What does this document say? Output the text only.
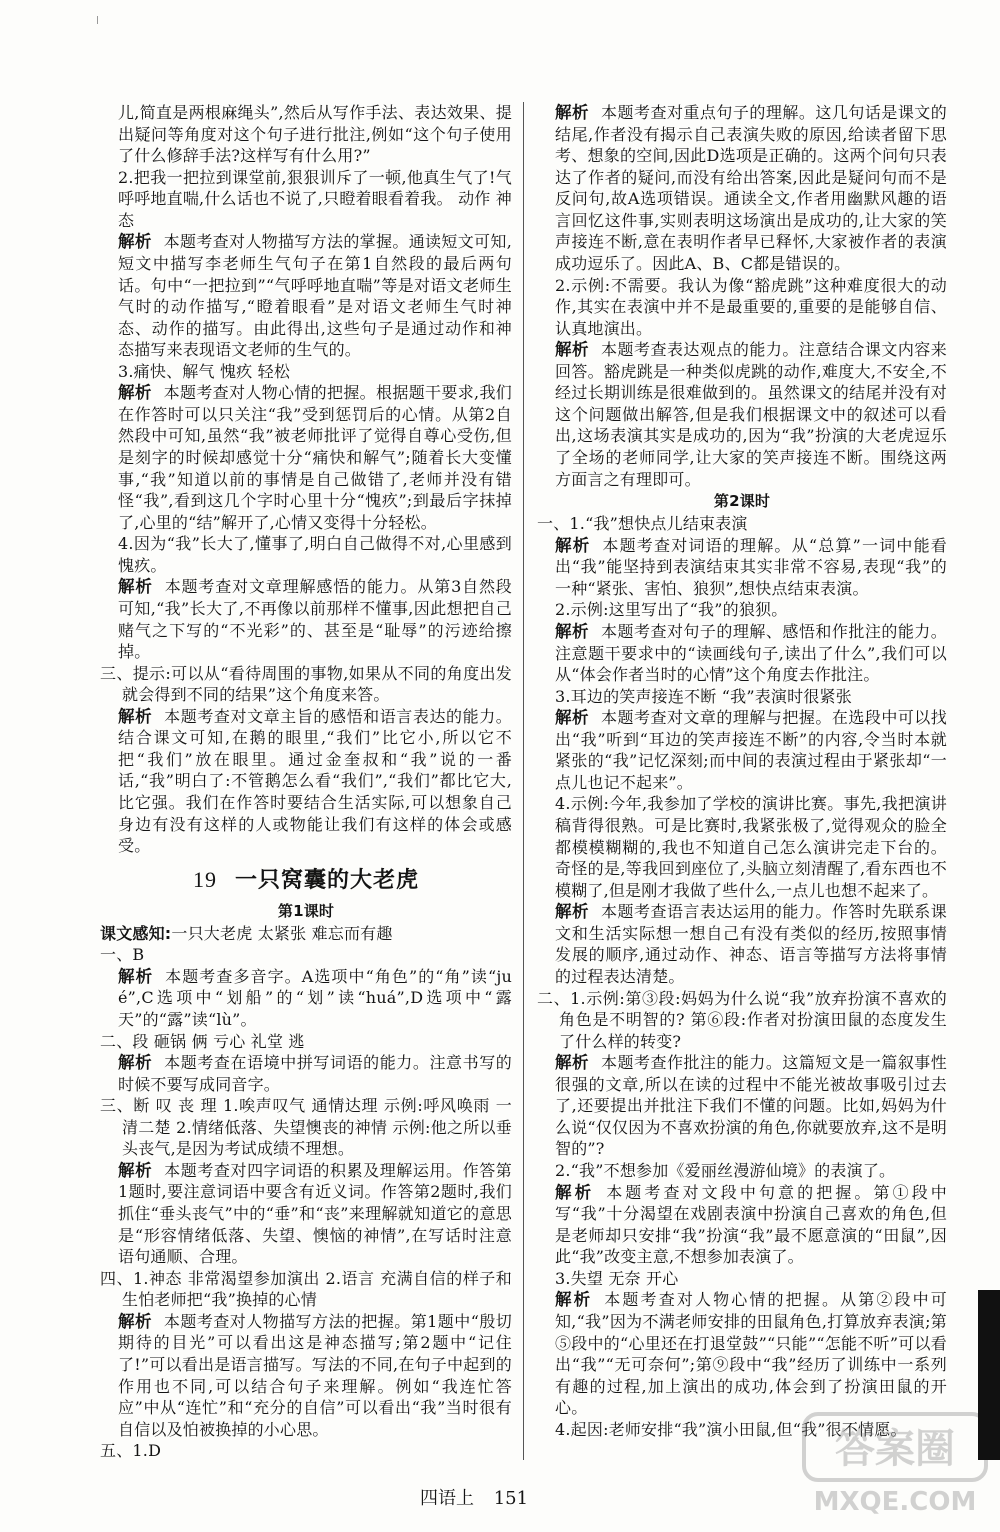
儿,简直是两根麻绳头”,然后从写作手法、表达效果、提出疑问等角度对这个句子进行批注,例如“这个句子使用了什么修辞手法?这样写有什么用?”

2.把我一把拉到课堂前,狠狠训斥了一顿,他真生气了!气呼呼地直喘,什么话也不说了,只瞪着眼看着我。 动作 神态

解析 本题考查对人物描写方法的掌握。通读短文可知,短文中描写李老师生气句子在第1自然段的最后两句话。句中“一把拉到”“气呼呼地直喘”等是对语文老师生气时的动作描写,“瞪着眼看”是对语文老师生气时神态、动作的描写。由此得出,这些句子是通过动作和神态描写来表现语文老师的生气的。

3.痛快、解气 愧疚 轻松

解析 本题考查对人物心情的把握。根据题干要求,我们在作答时可以只关注“我”受到惩罚后的心情。从第2自然段中可知,虽然“我”被老师批评了觉得自尊心受伤,但是刻字的时候却感觉十分“痛快和解气”;随着长大变懂事,“我”知道以前的事情是自己做错了,老师并没有错怪“我”,看到这几个字时心里十分“愧疚”;到最后字抹掉了,心里的“结”解开了,心情又变得十分轻松。

4.因为“我”长大了,懂事了,明白自己做得不对,心里感到愧疚。

解析 本题考查对文章理解感悟的能力。从第3自然段可知,“我”长大了,不再像以前那样不懂事,因此想把自己赌气之下写的“不光彩”的、甚至是“耻辱”的污迹给擦掉。

三、提示:可以从“看待周围的事物,如果从不同的角度出发就会得到不同的结果”这个角度来答。

解析 本题考查对文章主旨的感悟和语言表达的能力。结合课文可知,在鹅的眼里,“我们”比它小,所以它不把“我们”放在眼里。通过金奎叔和“我”说的一番话,“我”明白了:不管鹅怎么看“我们”,“我们”都比它大,比它强。我们在作答时要结合生活实际,可以想象自己身边有没有这样的人或物能让我们有这样的体会或感受。

19 一只窝囊的大老虎
第1课时

课文感知:一只大老虎 太紧张 难忘而有趣

一、B

解析 本题考查多音字。A选项中“角色”的“角”读“jué”,C选项中“划船”的“划”读“huá”,D选项中“露天”的“露”读“lù”。

二、段 砸锅 俩 亏心 礼堂 逃

解析 本题考查在语境中拼写词语的能力。注意书写的时候不要写成同音字。

三、断 叹 丧 理 1.唉声叹气 通情达理 示例:呼风唤雨 一清二楚 2.情绪低落、失望懊丧的神情 示例:他之所以垂头丧气,是因为考试成绩不理想。

解析 本题考查对四字词语的积累及理解运用。作答第1题时,要注意词语中要含有近义词。作答第2题时,我们抓住“垂头丧气”中的“垂”和“丧”来理解就知道它的意思是“形容情绪低落、失望、懊恼的神情”,在写话时注意语句通顺、合理。

四、1.神态 非常渴望参加演出 2.语言 充满自信的样子和生怕老师把“我”换掉的心情

解析 本题考查对人物描写方法的把握。第1题中“殷切期待的目光”可以看出这是神态描写;第2题中“记住了!”可以看出是语言描写。写法的不同,在句子中起到的作用也不同,可以结合句子来理解。例如“我连忙答应”中从“连忙”和“充分的自信”可以看出“我”当时很有自信以及怕被换掉的小心思。

五、1.D

解析 本题考查对重点句子的理解。这几句话是课文的结尾,作者没有揭示自己表演失败的原因,给读者留下思考、想象的空间,因此D选项是正确的。这两个问句只表达了作者的疑问,而没有给出答案,因此是疑问句而不是反问句,故A选项错误。通读全文,作者用幽默风趣的语言回忆这件事,实则表明这场演出是成功的,让大家的笑声接连不断,意在表明作者早已释怀,大家被作者的表演成功逗乐了。因此A、B、C都是错误的。

2.示例:不需要。我认为像“豁虎跳”这种难度很大的动作,其实在表演中并不是最重要的,重要的是能够自信、认真地演出。

解析 本题考查表达观点的能力。注意结合课文内容来回答。豁虎跳是一种类似虎跳的动作,难度大,不安全,不经过长期训练是很难做到的。虽然课文的结尾并没有对这个问题做出解答,但是我们根据课文中的叙述可以看出,这场表演其实是成功的,因为“我”扮演的大老虎逗乐了全场的老师同学,让大家的笑声接连不断。围绕这两方面言之有理即可。

第2课时

一、1.“我”想快点儿结束表演

解析 本题考查对词语的理解。从“总算”一词中能看出“我”能坚持到表演结束其实非常不容易,表现“我”的一种“紧张、害怕、狼狈”,想快点结束表演。

2.示例:这里写出了“我”的狼狈。

解析 本题考查对句子的理解、感悟和作批注的能力。注意题干要求中的“读画线句子,读出了什么”,我们可以从“体会作者当时的心情”这个角度去作批注。

3.耳边的笑声接连不断 “我”表演时很紧张

解析 本题考查对文章的理解与把握。在选段中可以找出“我”听到“耳边的笑声接连不断”的内容,令当时本就紧张的“我”记忆深刻;而中间的表演过程由于紧张却“一点儿也记不起来”。

4.示例:今年,我参加了学校的演讲比赛。事先,我把演讲稿背得很熟。可是比赛时,我紧张极了,觉得观众的脸全都模模糊糊的,我也不知道自己怎么演讲完走下台的。奇怪的是,等我回到座位了,头脑立刻清醒了,看东西也不模糊了,但是刚才我做了些什么,一点儿也想不起来了。

解析 本题考查语言表达运用的能力。作答时先联系课文和生活实际想一想自己有没有类似的经历,按照事情发展的顺序,通过动作、神态、语言等描写方法将事情的过程表达清楚。

二、1.示例:第③段:妈妈为什么说“我”放弃扮演不喜欢的角色是不明智的? 第⑥段:作者对扮演田鼠的态度发生了什么样的转变?

解析 本题考查作批注的能力。这篇短文是一篇叙事性很强的文章,所以在读的过程中不能光被故事吸引过去了,还要提出并批注下我们不懂的问题。比如,妈妈为什么说“仅仅因为不喜欢扮演的角色,你就要放弃,这不是明智的”?

2.“我”不想参加《爱丽丝漫游仙境》的表演了。

解析 本题考查对文段中句意的把握。第①段中写“我”十分渴望在戏剧表演中扮演自己喜欢的角色,但是老师却只安排“我”扮演“我”最不愿意演的“田鼠”,因此“我”改变主意,不想参加表演了。

3.失望 无奈 开心

解析 本题考查对人物心情的把握。从第②段中可知,“我”因为不满老师安排的田鼠角色,打算放弃表演;第⑤段中的“心里还在打退堂鼓”“只能”“怎能不听”可以看出“我”“无可奈何”;第⑨段中“我”经历了训练中一系列有趣的过程,加上演出的成功,体会到了扮演田鼠的开心。

4.起因:老师安排“我”演小田鼠,但“我”很不情愿。

四语上 151
答案圈
MXQE.COM
